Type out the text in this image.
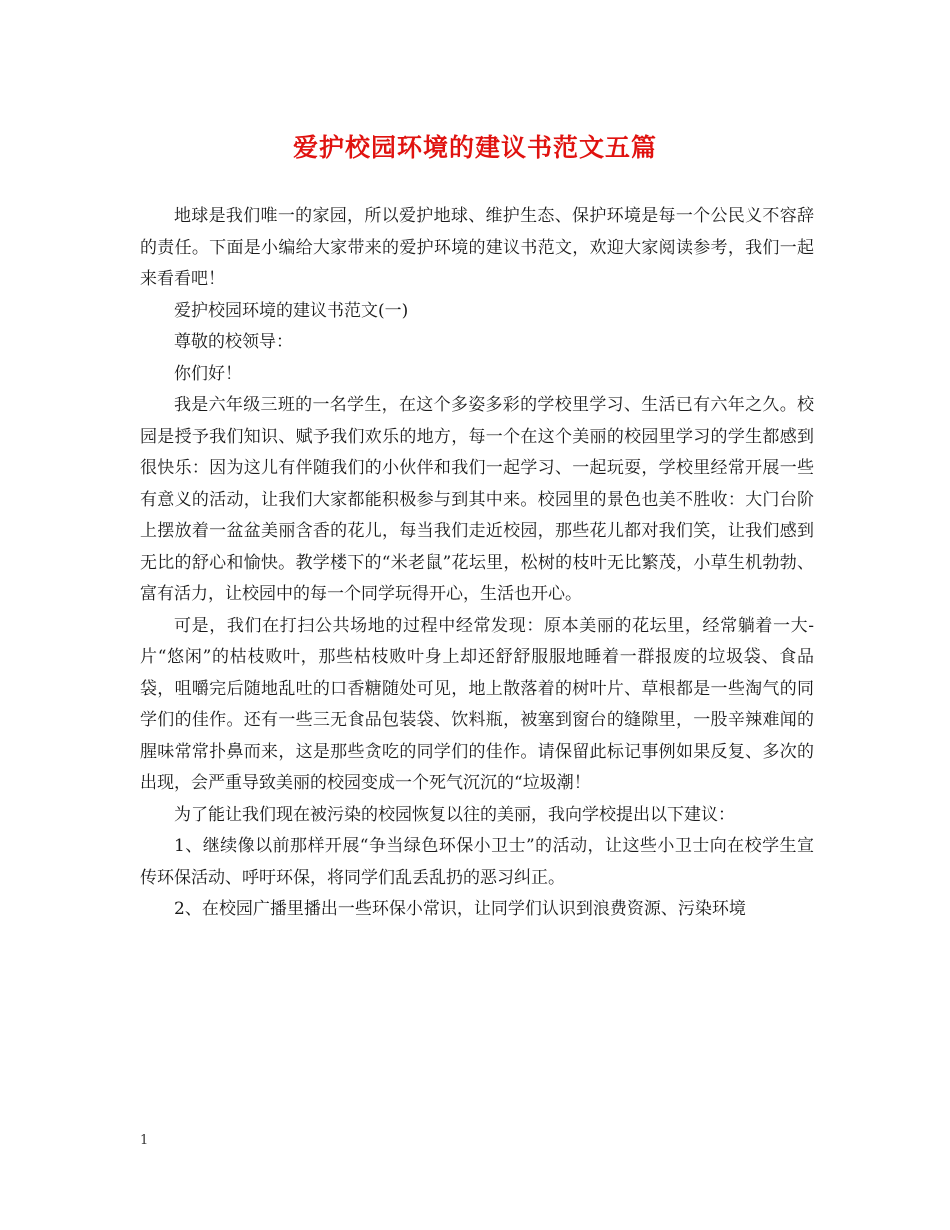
爱护校园环境的建议书范文五篇

地球是我们唯一的家园，所以爱护地球、维护生态、保护环境是每一个公民义不容辞的责任。下面是小编给大家带来的爱护环境的建议书范文，欢迎大家阅读参考，我们一起来看看吧！

爱护校园环境的建议书范文(一)

尊敬的校领导：

你们好！

我是六年级三班的一名学生，在这个多姿多彩的学校里学习、生活已有六年之久。校园是授予我们知识、赋予我们欢乐的地方，每一个在这个美丽的校园里学习的学生都感到很快乐：因为这儿有伴随我们的小伙伴和我们一起学习、一起玩耍，学校里经常开展一些有意义的活动，让我们大家都能积极参与到其中来。校园里的景色也美不胜收：大门台阶上摆放着一盆盆美丽含香的花儿，每当我们走近校园，那些花儿都对我们笑，让我们感到无比的舒心和愉快。教学楼下的“米老鼠”花坛里，松树的枝叶无比繁茂，小草生机勃勃、富有活力，让校园中的每一个同学玩得开心，生活也开心。

可是，我们在打扫公共场地的过程中经常发现：原本美丽的花坛里，经常躺着一大-片“悠闲”的枯枝败叶，那些枯枝败叶身上却还舒舒服服地睡着一群报废的垃圾袋、食品袋，咀嚼完后随地乱吐的口香糖随处可见，地上散落着的树叶片、草根都是一些淘气的同学们的佳作。还有一些三无食品包装袋、饮料瓶，被塞到窗台的缝隙里，一股辛辣难闻的腥味常常扑鼻而来，这是那些贪吃的同学们的佳作。请保留此标记事例如果反复、多次的出现，会严重导致美丽的校园变成一个死气沉沉的“垃圾潮！

为了能让我们现在被污染的校园恢复以往的美丽，我向学校提出以下建议：

1、继续像以前那样开展“争当绿色环保小卫士”的活动，让这些小卫士向在校学生宣传环保活动、呼吁环保，将同学们乱丢乱扔的恶习纠正。

2、在校园广播里播出一些环保小常识，让同学们认识到浪费资源、污染环境

1
